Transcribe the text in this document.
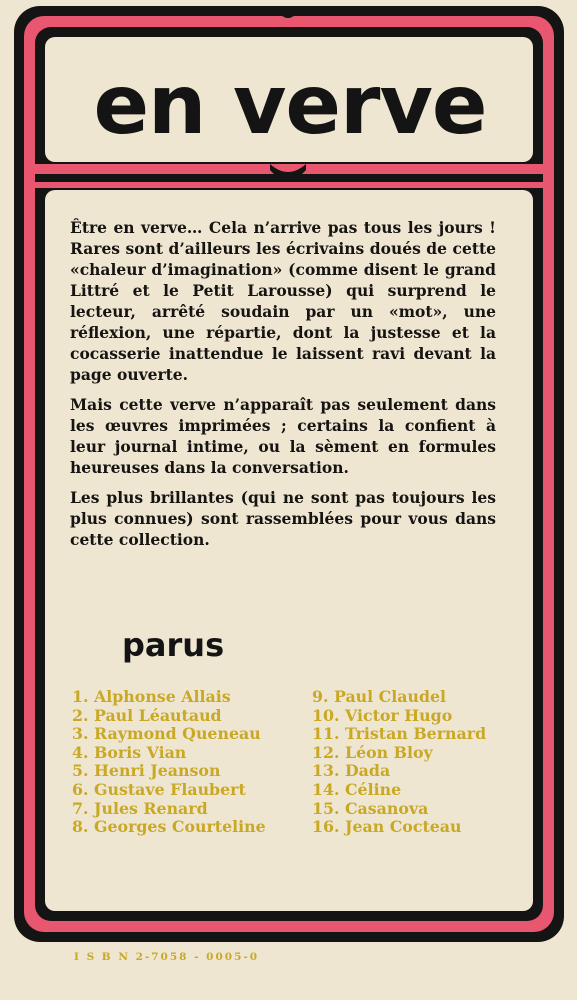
en verve

Être en verve… Cela n’arrive pas tous les jours ! Rares sont d’ailleurs les écrivains doués de cette «chaleur d’imagination» (comme disent le grand Littré et le Petit Larousse) qui surprend le lecteur, arrêté soudain par un «mot», une réflexion, une répartie, dont la justesse et la cocasserie inattendue le laissent ravi devant la page ouverte.

Mais cette verve n’apparaît pas seulement dans les œuvres imprimées ; certains la confient à leur journal intime, ou la sèment en formules heureuses dans la conversation.

Les plus brillantes (qui ne sont pas toujours les plus connues) sont rassemblées pour vous dans cette collection.

parus
1. Alphonse Allais
2. Paul Léautaud
3. Raymond Queneau
4. Boris Vian
5. Henri Jeanson
6. Gustave Flaubert
7. Jules Renard
8. Georges Courteline
9. Paul Claudel
10. Victor Hugo
11. Tristan Bernard
12. Léon Bloy
13. Dada
14. Céline
15. Casanova
16. Jean Cocteau
I S B N 2-7058 - 0005-0
